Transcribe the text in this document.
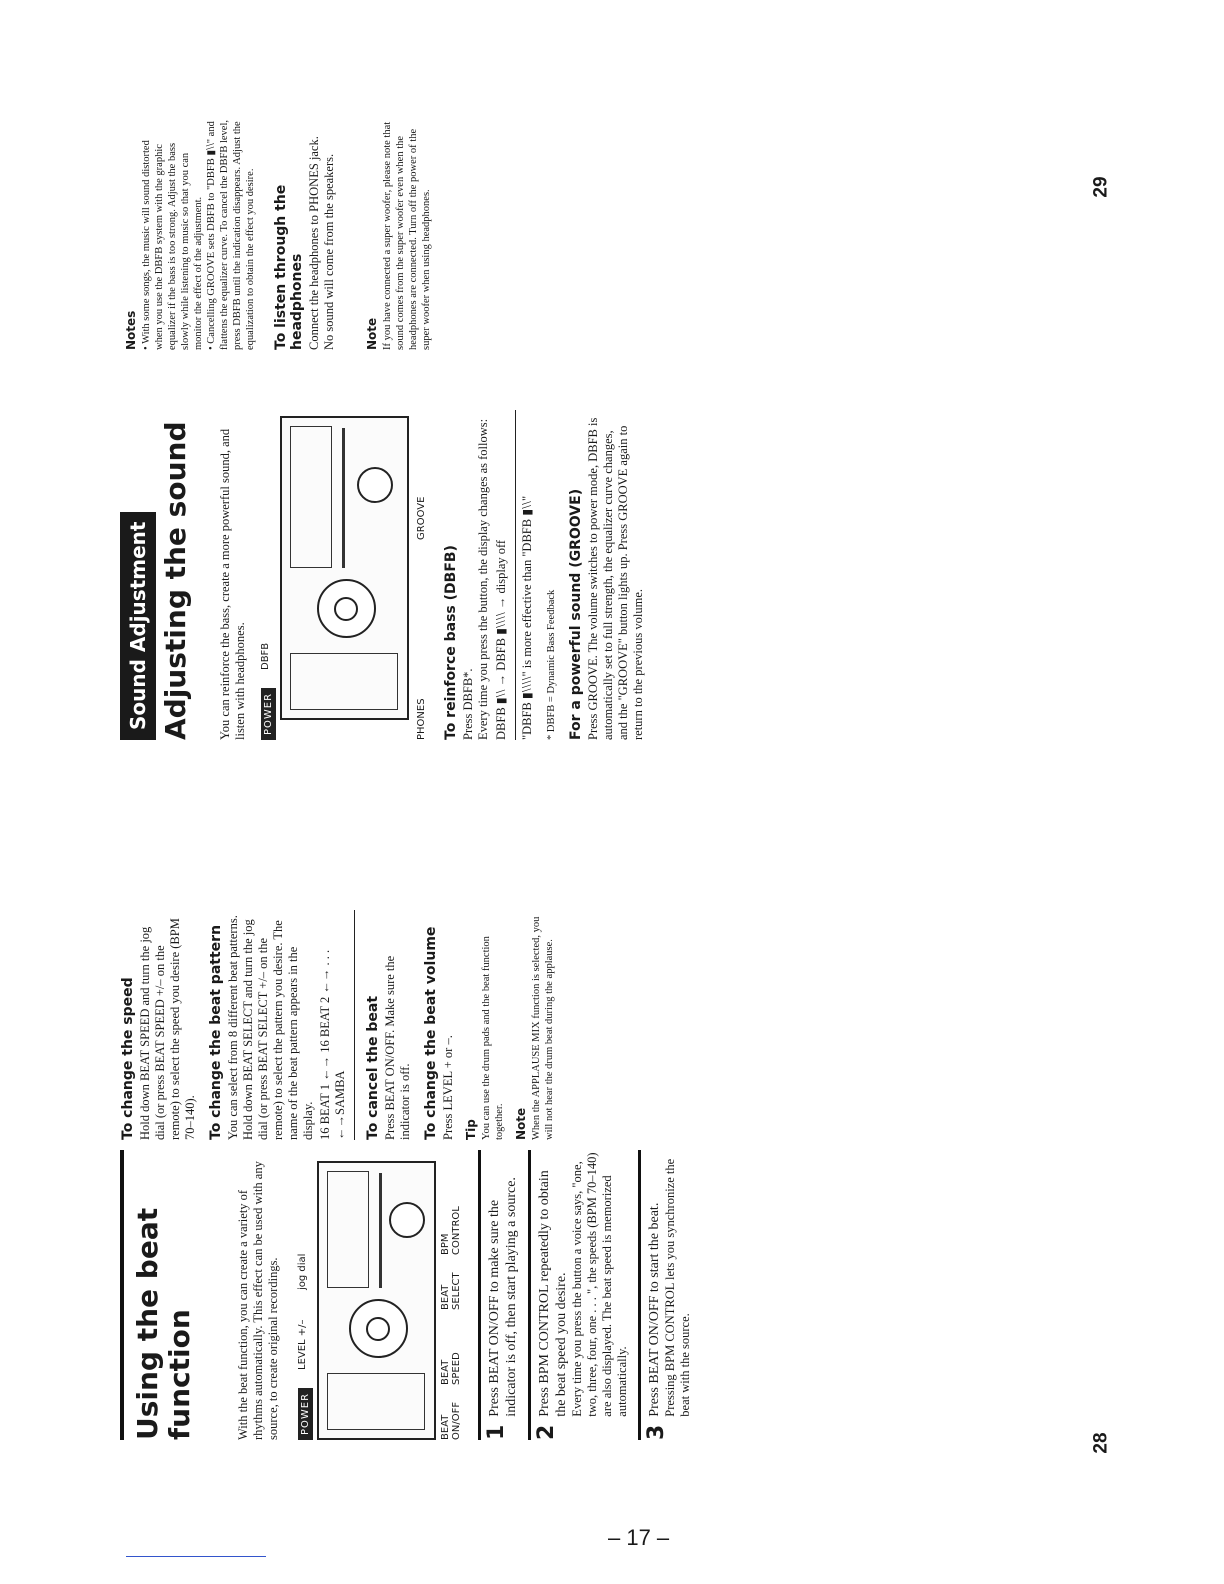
28
29
– 17 –
Using the beat function	With the beat function, you can create a variety of rhythms automatically. This effect can be used with any source, to create original recordings.	POWER
LEVEL +/–
jog dial
BEAT ON/OFF
BEAT SPEED
BEAT SELECT
BPM CONTROL
1
Press BEAT ON/OFF to make sure the indicator is off, then start playing a source.
2
Press BPM CONTROL repeatedly to obtain the beat speed you desire. Every time you press the button a voice says, "one, two, three, four, one . . . ", the speeds (BPM 70–140) are also displayed. The beat speed is memorized automatically.
3
Press BEAT ON/OFF to start the beat. Pressing BPM CONTROL lets you synchronize the beat with the source.
To change the speed Hold down BEAT SPEED and turn the jog dial (or press BEAT SPEED +/– on the remote) to select the speed you desire (BPM 70–140). To change the beat pattern You can select from 8 different beat patterns. Hold down BEAT SELECT and turn the jog dial (or press BEAT SELECT +/– on the remote) to select the pattern you desire. The name of the beat pattern appears in the display. 16 BEAT 1 ←→ 16 BEAT 2 ←→ . . . ←→SAMBA	To cancel the beat Press BEAT ON/OFF. Make sure the indicator is off. To change the beat volume Press LEVEL + or –. Tip You can use the drum pads and the beat function together. Note When the APPLAUSE MIX function is selected, you will not hear the drum beat during the applause.

Sound Adjustment Adjusting the sound You can reinforce the bass, create a more powerful sound, and listen with headphones.	POWER
DBFB
PHONES
GROOVE
To reinforce bass (DBFB) Press DBFB*. Every time you press the button, the display changes as follows: DBFB ▮⧵⧵ → DBFB ▮⧵⧵⧵⧵ → display off "DBFB ▮⧵⧵⧵⧵" is more effective than "DBFB ▮⧵⧵" * DBFB = Dynamic Bass Feedback For a powerful sound (GROOVE) Press GROOVE. The volume switches to power mode, DBFB is automatically set to full strength, the equalizer curve changes, and the "GROOVE" button lights up. Press GROOVE again to return to the previous volume.

Notes • With some songs, the music will sound distorted when you use the DBFB system with the graphic equalizer if the bass is too strong. Adjust the bass slowly while listening to music so that you can monitor the effect of the adjustment. • Cancelling GROOVE sets DBFB to "DBFB ▮⧵⧵" and flattens the equalizer curve. To cancel the DBFB level, press DBFB until the indication disappears. Adjust the equalization to obtain the effect you desire. To listen through the headphones Connect the headphones to PHONES jack. No sound will come from the speakers. Note If you have connected a super woofer, please note that sound comes from the super woofer even when the headphones are connected. Turn off the power of the super woofer when using headphones.
